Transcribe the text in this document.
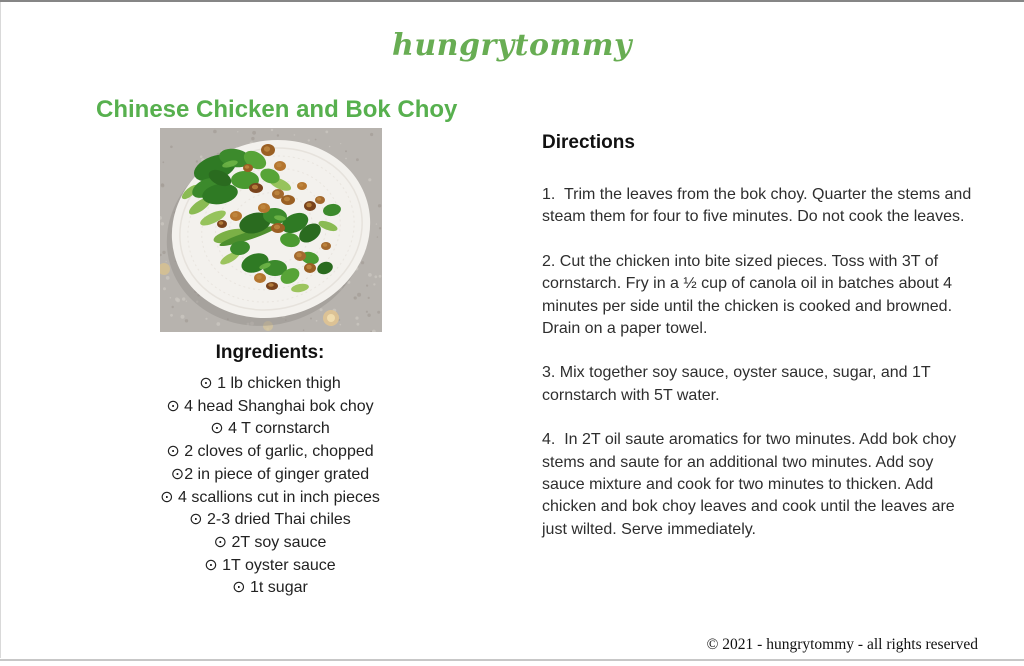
hungrytommy
Chinese Chicken and Bok Choy
Ingredients:
⊙ 1 lb chicken thigh
⊙ 4 head Shanghai bok choy
⊙ 4 T cornstarch
⊙ 2 cloves of garlic, chopped
⊙2 in piece of ginger grated
⊙ 4 scallions cut in inch pieces
⊙ 2-3 dried Thai chiles
⊙ 2T soy sauce
⊙ 1T oyster sauce
⊙ 1t sugar
Directions

1.  Trim the leaves from the bok choy. Quarter the stems and steam them for four to five minutes. Do not cook the leaves.

2. Cut the chicken into bite sized pieces. Toss with 3T of cornstarch. Fry in a ½ cup of canola oil in batches about 4 minutes per side until the chicken is cooked and browned. Drain on a paper towel.

3. Mix together soy sauce, oyster sauce, sugar, and 1T cornstarch with 5T water.

4.  In 2T oil saute aromatics for two minutes. Add bok choy stems and saute for an additional two minutes. Add soy sauce mixture and cook for two minutes to thicken. Add chicken and bok choy leaves and cook until the leaves are just wilted. Serve immediately.

© 2021 - hungrytommy - all rights reserved
